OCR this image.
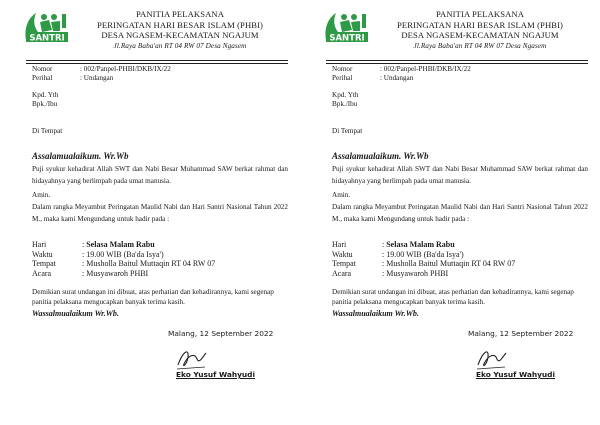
SANTRI
PANITIA PELAKSANA
PERINGATAN HARI BESAR ISLAM (PHBI)
DESA NGASEM-KECAMATAN NGAJUM
Jl.Raya Baba'an RT 04 RW 07 Desa Ngasem
Nomor	: 002/Panpel-PHBI/DKB/IX/22
Perihal	: Undangan
Kpd. Yth
Bpk./Ibu
Di Tempat
Assalamualaikum. Wr.Wb
Puji syukur kehadirat Allah SWT dan Nabi Besar Muhammad SAW berkat rahmat dan hidayahnya yang berlimpah pada umat manusia.
Amin.
Dalam rangka Meyambut Peringatan Maulid Nabi dan Hari Santri Nasional Tahun 2022 M., maka kami Mengundang untuk hadir pada :
Hari	: Selasa Malam Rabu
Waktu	: 19.00 WIB (Ba'da Isya')
Tempat	: Musholla Baitul Muttaqin RT 04 RW 07
Acara	: Musyawaroh PHBI
Demikian surat undangan ini dibuat, atas perhatian dan kehadirannya, kami segenap panitia pelaksana mengucapkan banyak terima kasih.
Wassalmualaikum Wr.Wb.
Malang, 12 September 2022
Eko Yusuf Wahyudi
SANTRI
PANITIA PELAKSANA
PERINGATAN HARI BESAR ISLAM (PHBI)
DESA NGASEM-KECAMATAN NGAJUM
Jl.Raya Baba'an RT 04 RW 07 Desa Ngasem
Nomor	: 002/Panpel-PHBI/DKB/IX/22
Perihal	: Undangan
Kpd. Yth
Bpk./Ibu
Di Tempat
Assalamualaikum. Wr.Wb
Puji syukur kehadirat Allah SWT dan Nabi Besar Muhammad SAW berkat rahmat dan hidayahnya yang berlimpah pada umat manusia.
Amin.
Dalam rangka Meyambut Peringatan Maulid Nabi dan Hari Santri Nasional Tahun 2022 M., maka kami Mengundang untuk hadir pada :
Hari	: Selasa Malam Rabu
Waktu	: 19.00 WIB (Ba'da Isya')
Tempat	: Musholla Baitul Muttaqin RT 04 RW 07
Acara	: Musyawaroh PHBI
Demikian surat undangan ini dibuat, atas perhatian dan kehadirannya, kami segenap panitia pelaksana mengucapkan banyak terima kasih.
Wassalmualaikum Wr.Wb.
Malang, 12 September 2022
Eko Yusuf Wahyudi
